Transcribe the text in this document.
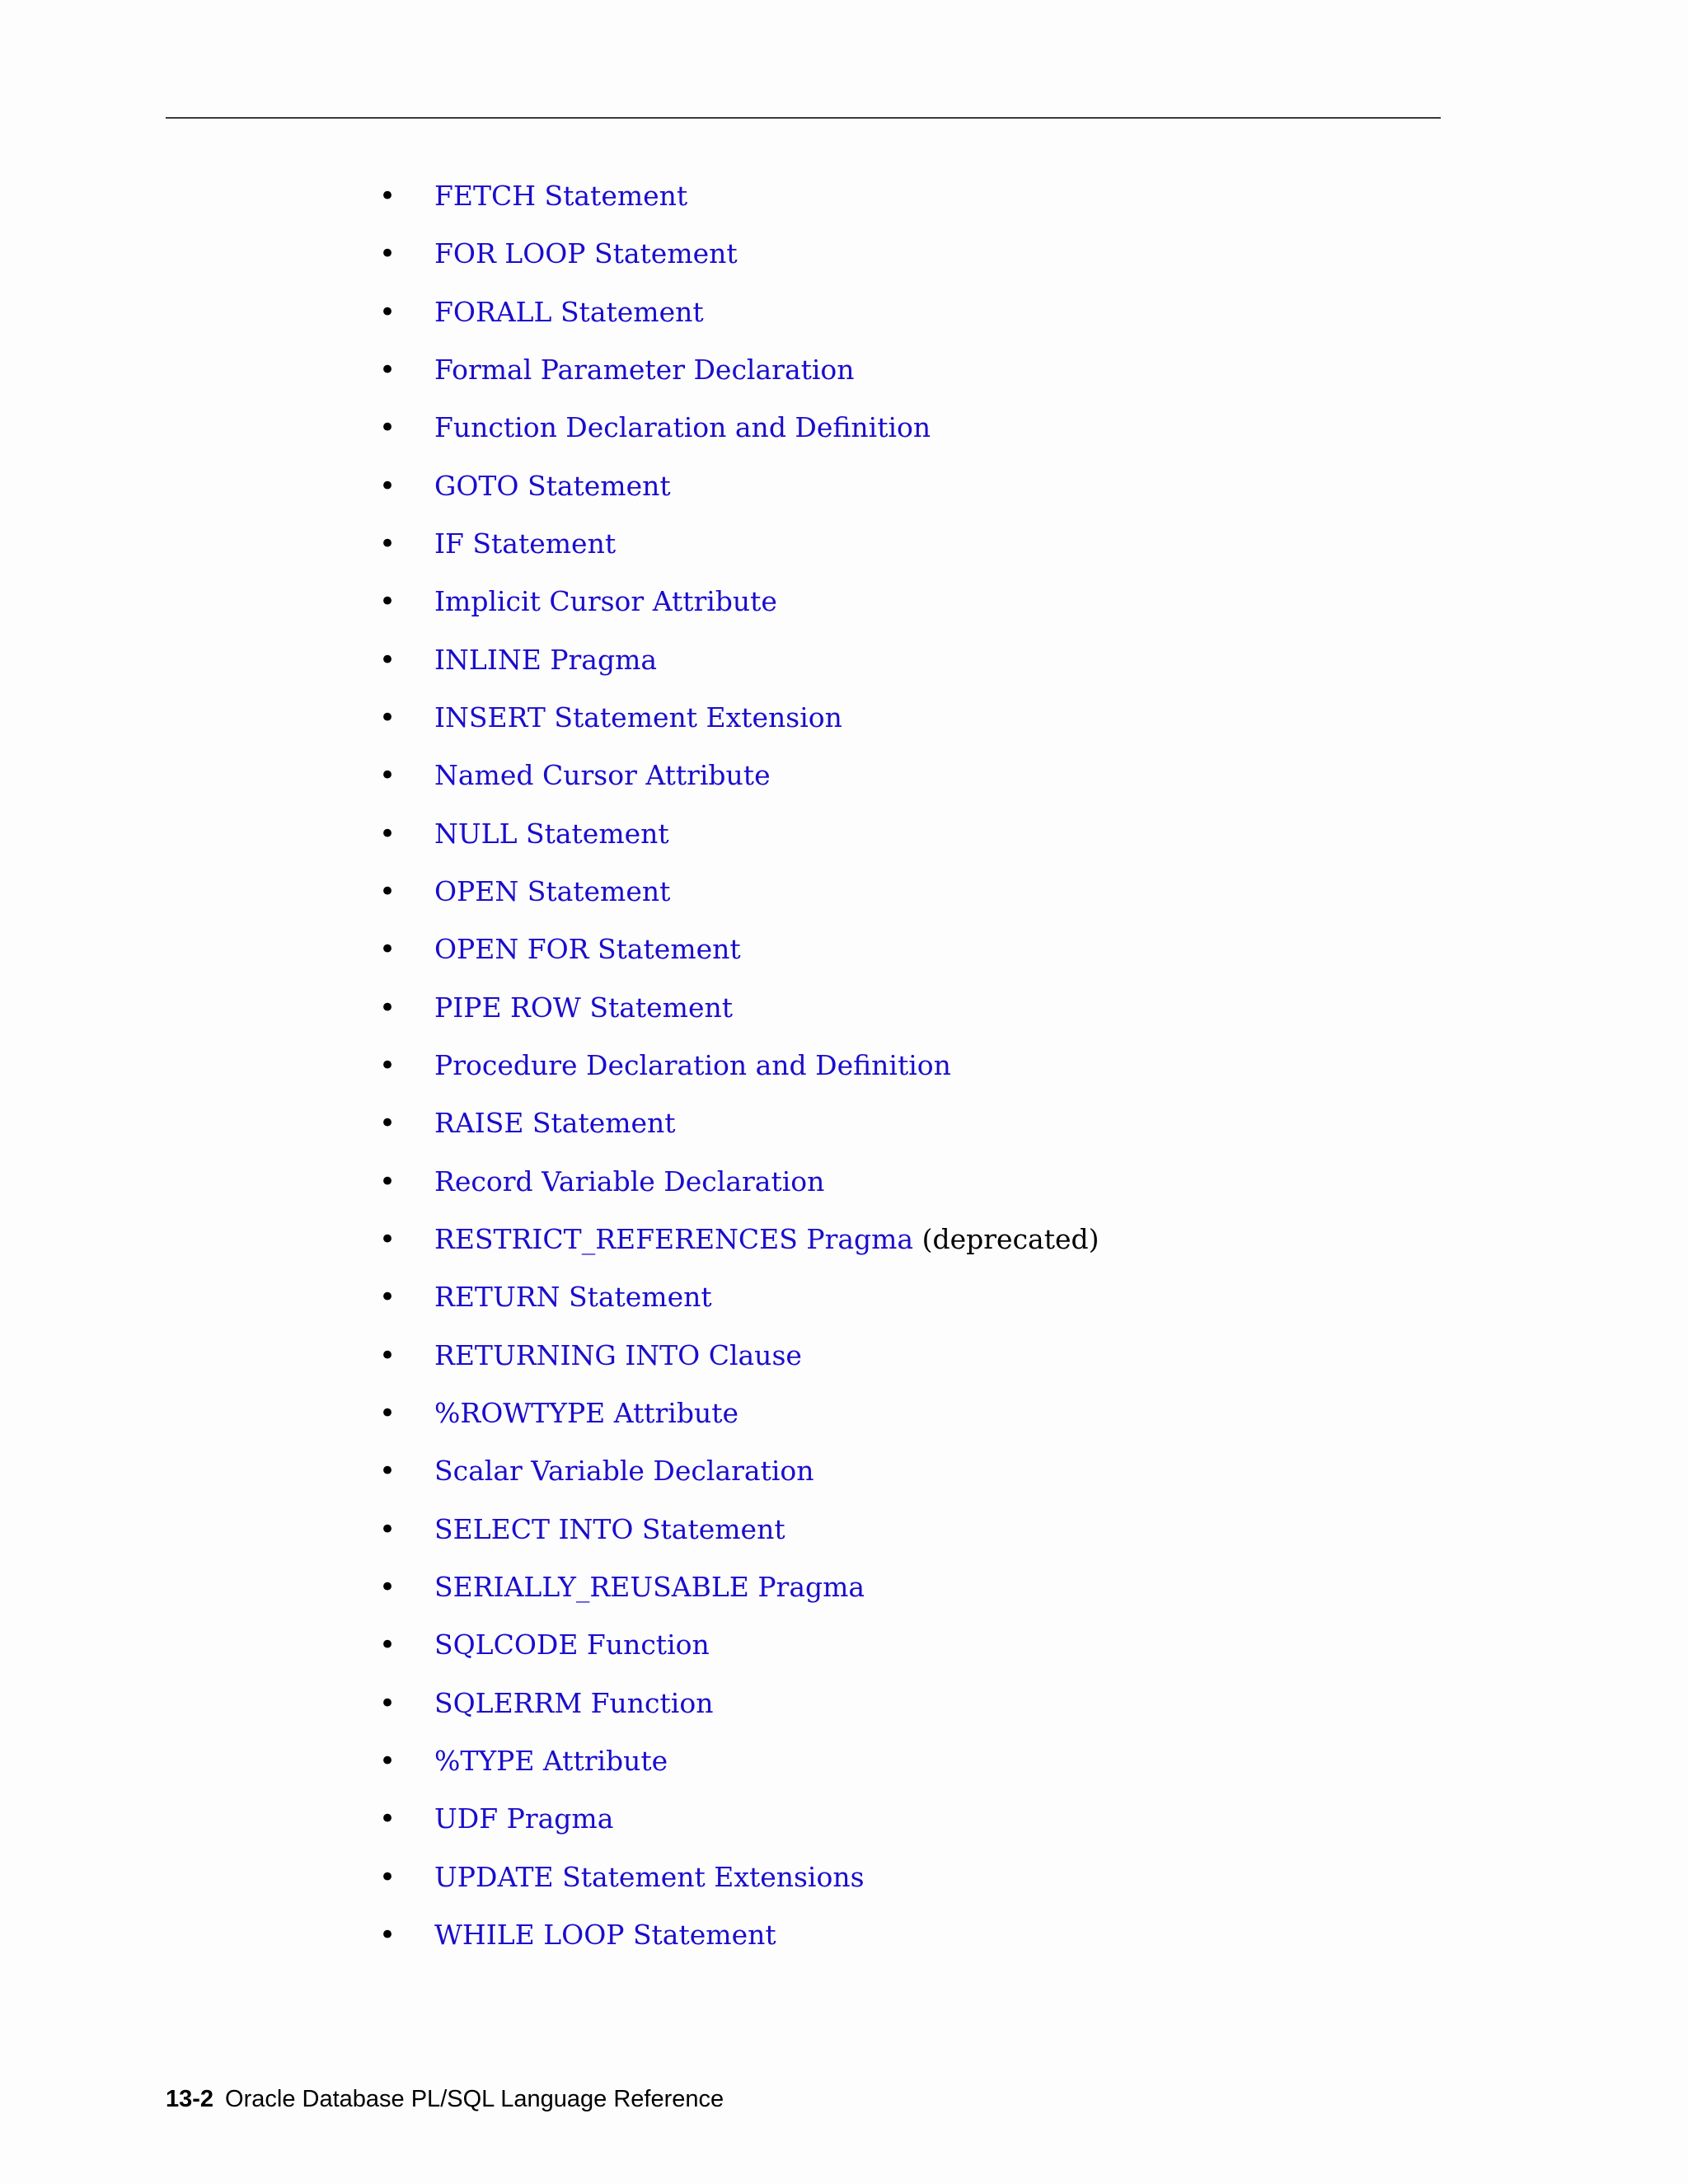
•	FETCH Statement
•	FOR LOOP Statement
•	FORALL Statement
•	Formal Parameter Declaration
•	Function Declaration and Definition
•	GOTO Statement
•	IF Statement
•	Implicit Cursor Attribute
•	INLINE Pragma
•	INSERT Statement Extension
•	Named Cursor Attribute
•	NULL Statement
•	OPEN Statement
•	OPEN FOR Statement
•	PIPE ROW Statement
•	Procedure Declaration and Definition
•	RAISE Statement
•	Record Variable Declaration
•	RESTRICT_REFERENCES Pragma (deprecated)
•	RETURN Statement
•	RETURNING INTO Clause
•	%ROWTYPE Attribute
•	Scalar Variable Declaration
•	SELECT INTO Statement
•	SERIALLY_REUSABLE Pragma
•	SQLCODE Function
•	SQLERRM Function
•	%TYPE Attribute
•	UDF Pragma
•	UPDATE Statement Extensions
•	WHILE LOOP Statement
13-2 Oracle Database PL/SQL Language Reference
